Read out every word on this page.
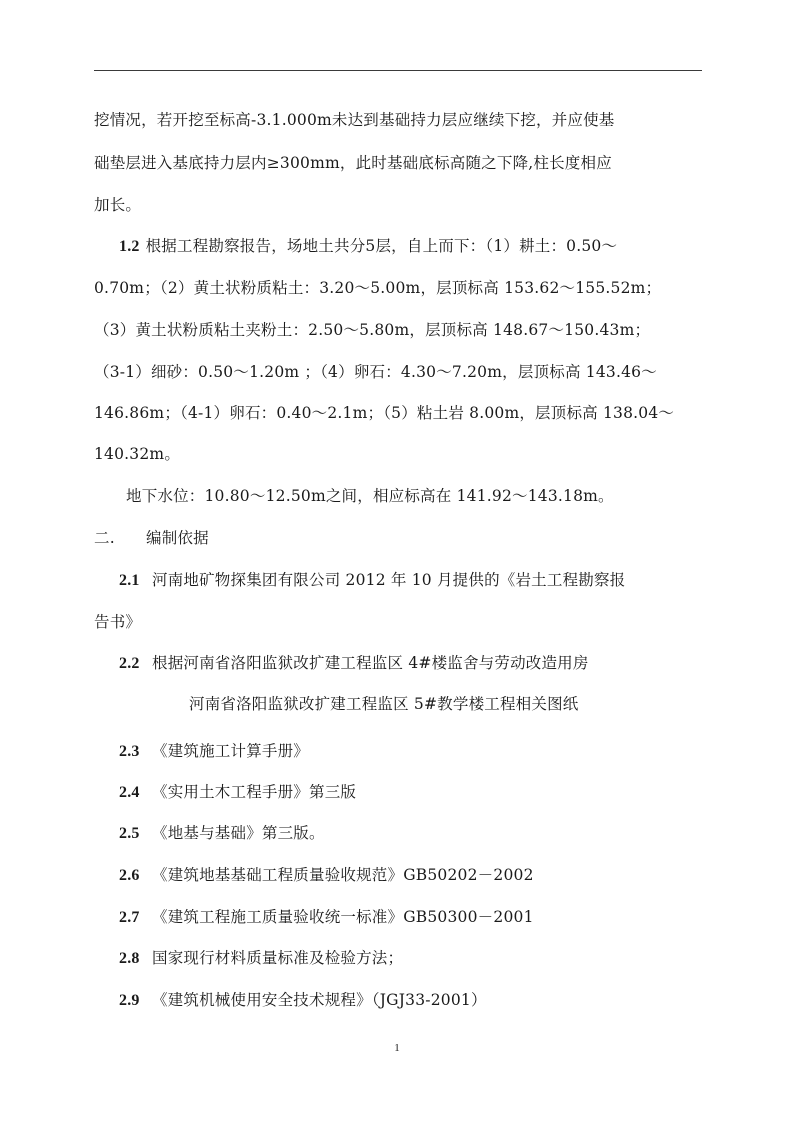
挖情况，若开挖至标高-3.1.000m未达到基础持力层应继续下挖，并应使基
础垫层进入基底持力层内≥300mm，此时基础底标高随之下降,柱长度相应
加长。
1.2 根据工程勘察报告，场地土共分5层，自上而下：（1）耕土：0.50～
0.70m；（2）黄土状粉质粘土：3.20～5.00m，层顶标高 153.62～155.52m；
（3）黄土状粉质粘土夹粉土：2.50～5.80m，层顶标高 148.67～150.43m；
（3-1）细砂：0.50～1.20m ；（4）卵石：4.30～7.20m，层顶标高 143.46～
146.86m；（4-1）卵石：0.40～2.1m；（5）粘土岩 8.00m，层顶标高 138.04～
140.32m。
地下水位：10.80～12.50m之间，相应标高在 141.92～143.18m。
二. 编制依据
2.1 河南地矿物探集团有限公司 2012 年 10 月提供的《岩土工程勘察报
告书》
2.2 根据河南省洛阳监狱改扩建工程监区 4#楼监舍与劳动改造用房
河南省洛阳监狱改扩建工程监区 5#教学楼工程相关图纸
2.3 《建筑施工计算手册》
2.4 《实用土木工程手册》第三版
2.5 《地基与基础》第三版。
2.6 《建筑地基基础工程质量验收规范》GB50202－2002
2.7 《建筑工程施工质量验收统一标准》GB50300－2001
2.8 国家现行材料质量标准及检验方法；
2.9 《建筑机械使用安全技术规程》（JGJ33-2001）
1
